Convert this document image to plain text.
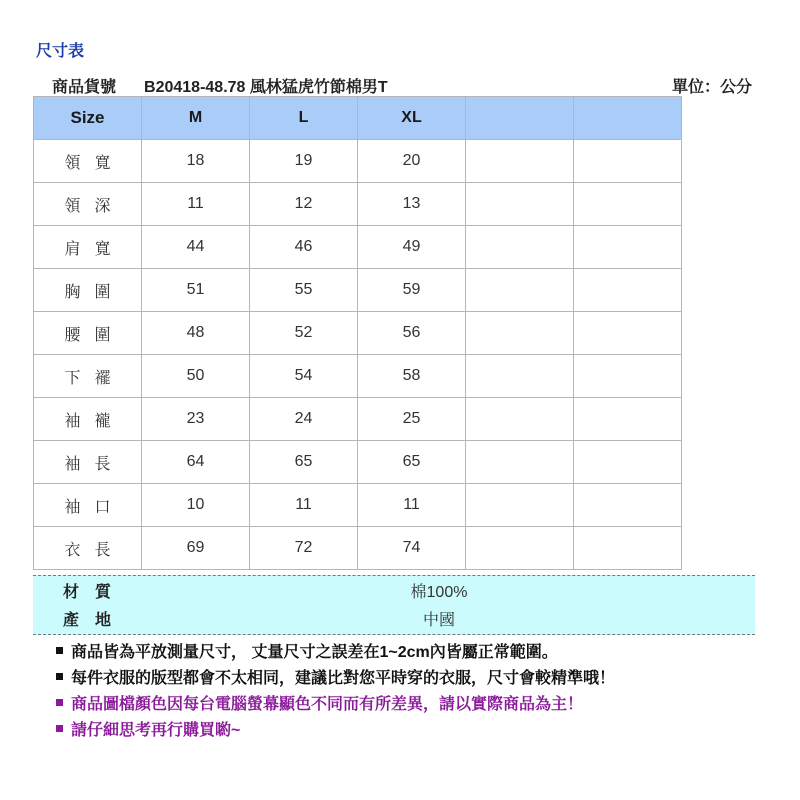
尺寸表
商品貨號 B20418-48.78 風林猛虎竹節棉男T	單位：公分
Size	M	L	XL		
領寬	18	19	20		
領深	11	12	13		
肩寬	44	46	49		
胸圍	51	55	59		
腰圍	48	52	56		
下襬	50	54	58		
袖襱	23	24	25		
袖長	64	65	65		
袖口	10	11	11		
衣長	69	72	74		
材質	棉100%
產地	中國
商品皆為平放測量尺寸， 丈量尺寸之誤差在1~2cm內皆屬正常範圍。
每件衣服的版型都會不太相同，建議比對您平時穿的衣服，尺寸會較精準哦！
商品圖檔顏色因每台電腦螢幕顯色不同而有所差異，請以實際商品為主！
請仔細思考再行購買喲~
